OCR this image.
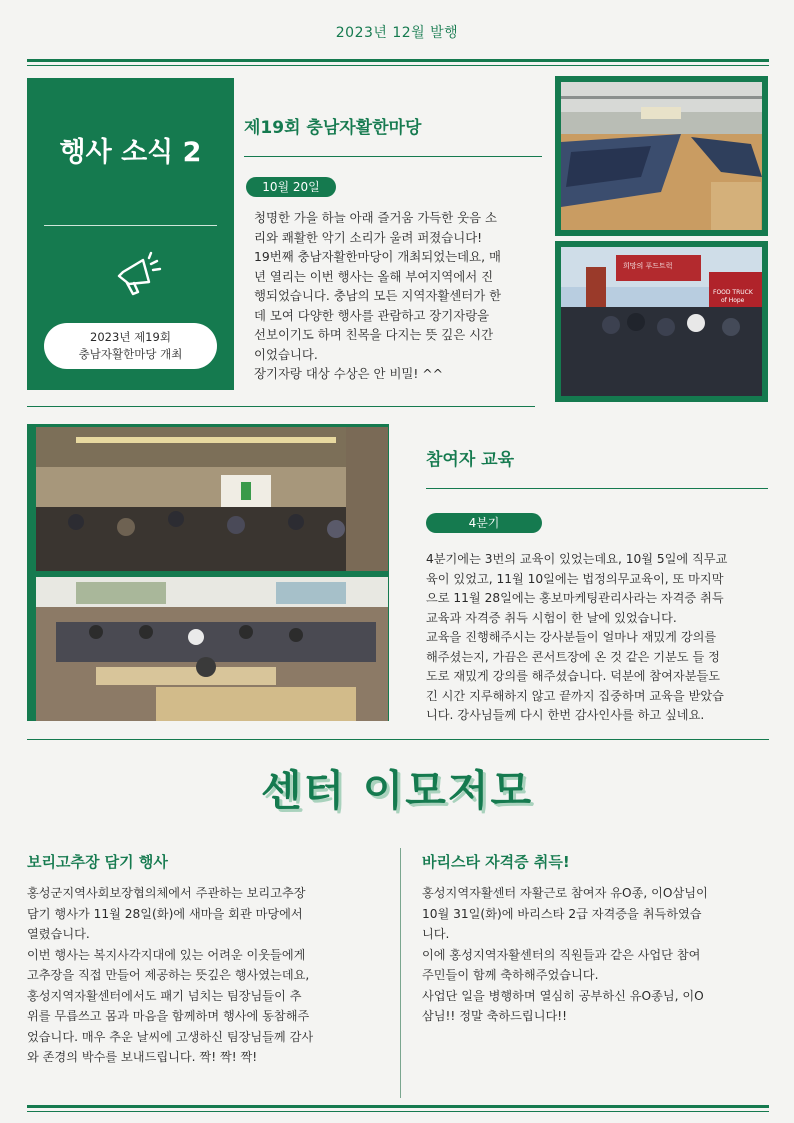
2023년 12월 발행
행사 소식 2
2023년 제19회
충남자활한마당 개최
제19회 충남자활한마당
10월 20일
청명한 가을 하늘 아래 즐거움 가득한 웃음 소
리와 쾌활한 악기 소리가 울려 퍼졌습니다!
19번째 충남자활한마당이 개최되었는데요, 매
년 열리는 이번 행사는 올해 부여지역에서 진
행되었습니다. 충남의 모든 지역자활센터가 한
데 모여 다양한 행사를 관람하고 장기자랑을
선보이기도 하며 친목을 다지는 뜻 깊은 시간
이었습니다.
장기자랑 대상 수상은 안 비밀! ^^
희망의 푸드트럭
FOOD TRUCK
of Hope
참여자 교육
4분기
4분기에는 3번의 교육이 있었는데요, 10월 5일에 직무교
육이 있었고, 11월 10일에는 법정의무교육이, 또 마지막
으로 11월 28일에는 홍보마케팅관리사라는 자격증 취득
교육과 자격증 취득 시험이 한 날에 있었습니다.
교육을 진행해주시는 강사분들이 얼마나 재밌게 강의를
해주셨는지, 가끔은 콘서트장에 온 것 같은 기분도 들 정
도로 재밌게 강의를 해주셨습니다. 덕분에 참여자분들도
긴 시간 지루해하지 않고 끝까지 집중하며 교육을 받았습
니다. 강사님들께 다시 한번 감사인사를 하고 싶네요.
센터 이모저모
보리고추장 담기 행사
홍성군지역사회보장협의체에서 주관하는 보리고추장
담기 행사가 11월 28일(화)에 새마을 회관 마당에서
열렸습니다.
이번 행사는 복지사각지대에 있는 어려운 이웃들에게
고추장을 직접 만들어 제공하는 뜻깊은 행사였는데요,
홍성지역자활센터에서도 패기 넘치는 팀장님들이 추
위를 무릅쓰고 몸과 마음을 함께하며 행사에 동참해주
었습니다. 매우 추운 날씨에 고생하신 팀장님들께 감사
와 존경의 박수를 보내드립니다. 짝! 짝! 짝!
바리스타 자격증 취득!
홍성지역자활센터 자활근로 참여자 유O종, 이O삼님이
10월 31일(화)에 바리스타 2급 자격증을 취득하였습
니다.
이에 홍성지역자활센터의 직원들과 같은 사업단 참여
주민들이 함께 축하해주었습니다.
사업단 일을 병행하며 열심히 공부하신 유O종님, 이O
삼님!! 정말 축하드립니다!!
